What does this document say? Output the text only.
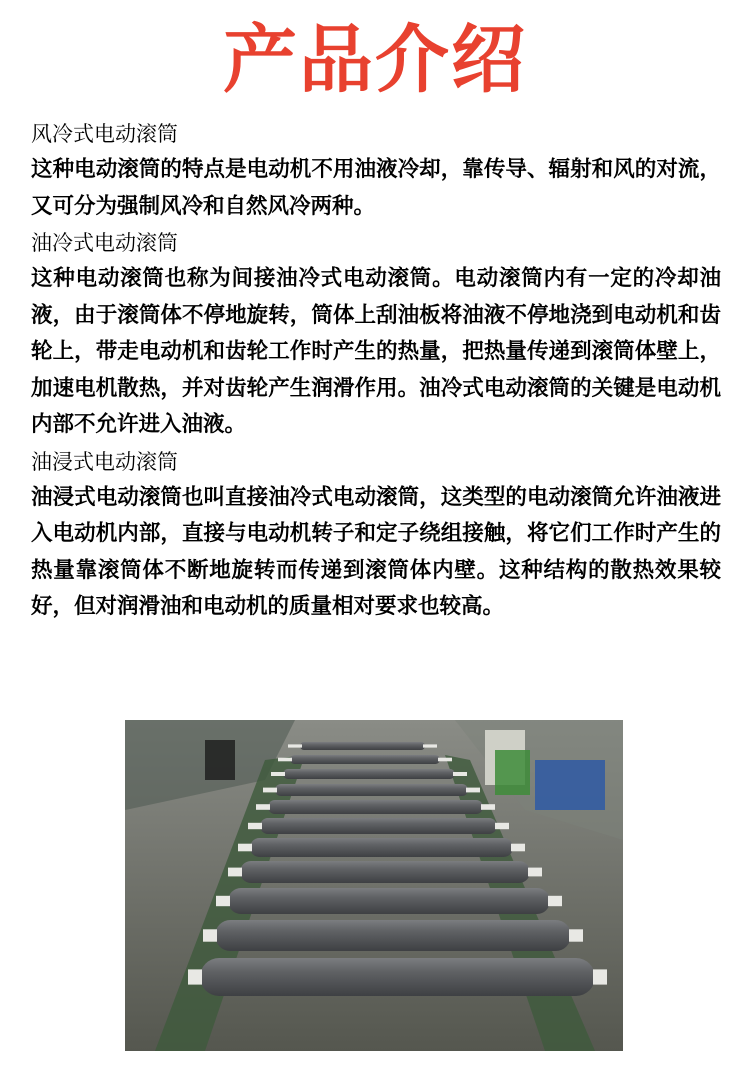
产品介绍

风冷式电动滚筒

这种电动滚筒的特点是电动机不用油液冷却，靠传导、辐射和风的对流，又可分为强制风冷和自然风冷两种。

油冷式电动滚筒

这种电动滚筒也称为间接油冷式电动滚筒。电动滚筒内有一定的冷却油液，由于滚筒体不停地旋转，筒体上刮油板将油液不停地浇到电动机和齿轮上，带走电动机和齿轮工作时产生的热量，把热量传递到滚筒体壁上，加速电机散热，并对齿轮产生润滑作用。油冷式电动滚筒的关键是电动机内部不允许进入油液。

油浸式电动滚筒

油浸式电动滚筒也叫直接油冷式电动滚筒，这类型的电动滚筒允许油液进入电动机内部，直接与电动机转子和定子绕组接触，将它们工作时产生的热量靠滚筒体不断地旋转而传递到滚筒体内壁。这种结构的散热效果较好，但对润滑油和电动机的质量相对要求也较高。
